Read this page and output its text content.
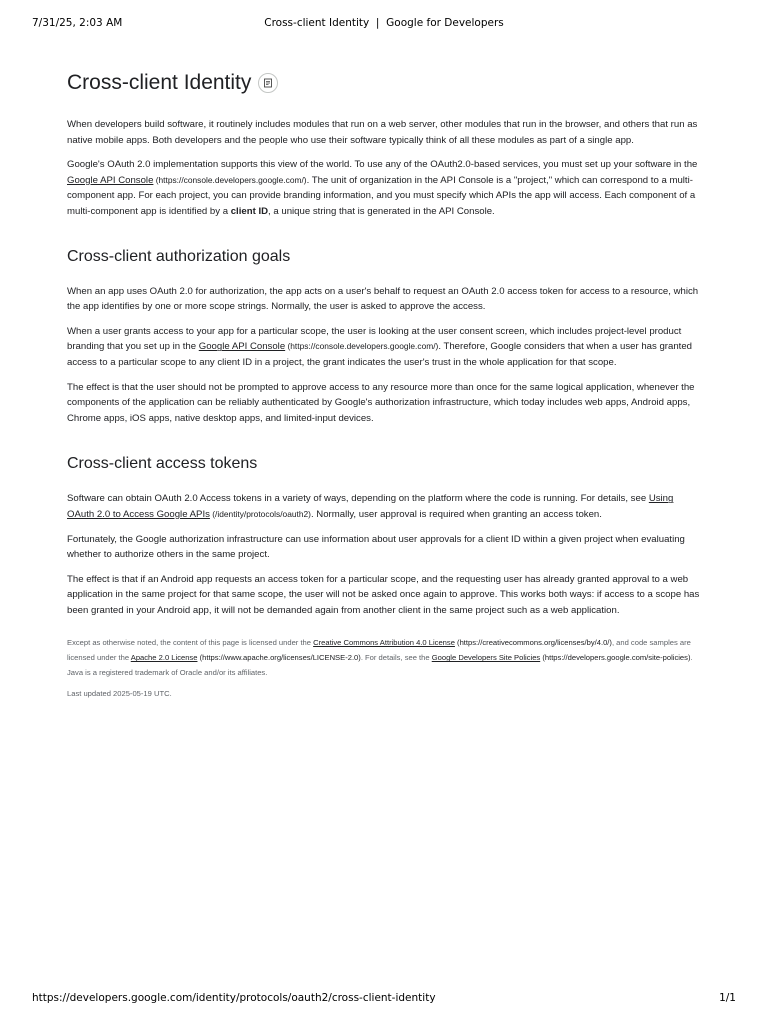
7/31/25, 2:03 AM	Cross-client Identity  |  Google for Developers
Cross-client Identity

When developers build software, it routinely includes modules that run on a web server, other modules that run in the browser, and others that run as native mobile apps. Both developers and the people who use their software typically think of all these modules as part of a single app.

Google's OAuth 2.0 implementation supports this view of the world. To use any of the OAuth2.0-based services, you must set up your software in the Google API Console (https://console.developers.google.com/). The unit of organization in the API Console is a "project," which can correspond to a multi-component app. For each project, you can provide branding information, and you must specify which APIs the app will access. Each component of a multi-component app is identified by a client ID, a unique string that is generated in the API Console.

Cross-client authorization goals

When an app uses OAuth 2.0 for authorization, the app acts on a user's behalf to request an OAuth 2.0 access token for access to a resource, which the app identifies by one or more scope strings. Normally, the user is asked to approve the access.

When a user grants access to your app for a particular scope, the user is looking at the user consent screen, which includes project-level product branding that you set up in the Google API Console (https://console.developers.google.com/). Therefore, Google considers that when a user has granted access to a particular scope to any client ID in a project, the grant indicates the user's trust in the whole application for that scope.

The effect is that the user should not be prompted to approve access to any resource more than once for the same logical application, whenever the components of the application can be reliably authenticated by Google's authorization infrastructure, which today includes web apps, Android apps, Chrome apps, iOS apps, native desktop apps, and limited-input devices.

Cross-client access tokens

Software can obtain OAuth 2.0 Access tokens in a variety of ways, depending on the platform where the code is running. For details, see Using OAuth 2.0 to Access Google APIs (/identity/protocols/oauth2). Normally, user approval is required when granting an access token.

Fortunately, the Google authorization infrastructure can use information about user approvals for a client ID within a given project when evaluating whether to authorize others in the same project.

The effect is that if an Android app requests an access token for a particular scope, and the requesting user has already granted approval to a web application in the same project for that same scope, the user will not be asked once again to approve. This works both ways: if access to a scope has been granted in your Android app, it will not be demanded again from another client in the same project such as a web application.

Except as otherwise noted, the content of this page is licensed under the Creative Commons Attribution 4.0 License (https://creativecommons.org/licenses/by/4.0/), and code samples are licensed under the Apache 2.0 License (https://www.apache.org/licenses/LICENSE-2.0). For details, see the Google Developers Site Policies (https://developers.google.com/site-policies). Java is a registered trademark of Oracle and/or its affiliates.

Last updated 2025-05-19 UTC.

https://developers.google.com/identity/protocols/oauth2/cross-client-identity	1/1
